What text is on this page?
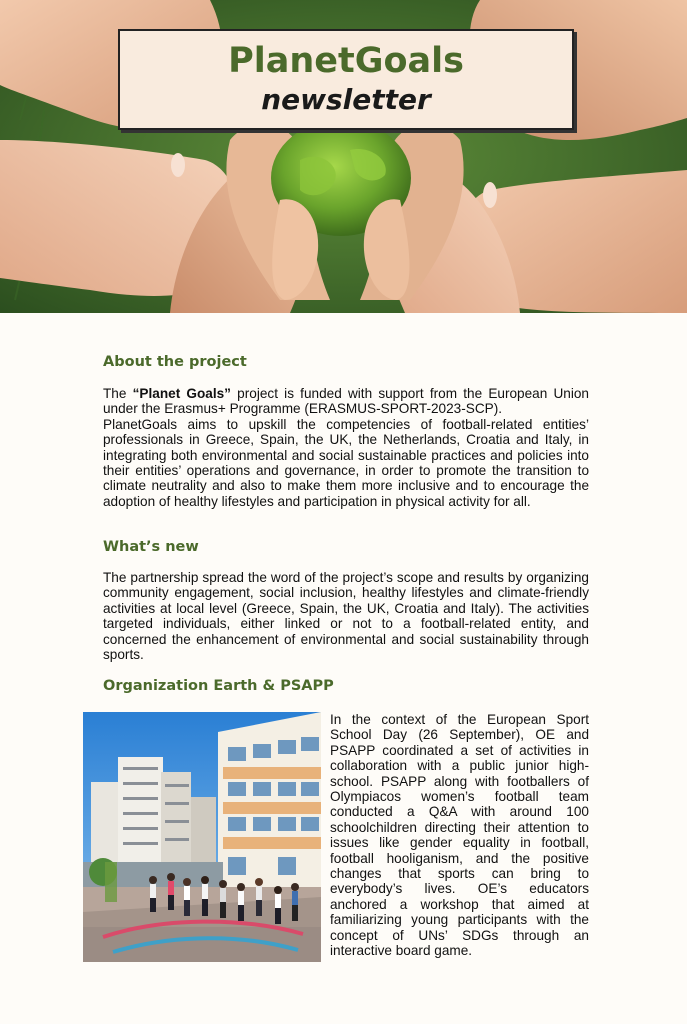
PlanetGoals
newsletter
About the project
The “Planet Goals” project is funded with support from the European Union under the Erasmus+ Programme (ERASMUS-SPORT-2023-SCP).
PlanetGoals aims to upskill the competencies of football-related entities’ professionals in Greece, Spain, the UK, the Netherlands, Croatia and Italy, in integrating both environmental and social sustainable practices and policies into their entities’ operations and governance, in order to promote the transition to climate neutrality and also to make them more inclusive and to encourage the adoption of healthy lifestyles and participation in physical activity for all.
What’s new
The partnership spread the word of the project’s scope and results by organizing community engagement, social inclusion, healthy lifestyles and climate-friendly activities at local level (Greece, Spain, the UK, Croatia and Italy). The activities targeted individuals, either linked or not to a football-related entity, and concerned the enhancement of environmental and social sustainability through sports.
Organization Earth & PSAPP
In the context of the European Sport School Day (26 September), OE and PSAPP coordinated a set of activities in collaboration with a public junior high-school. PSAPP along with footballers of Olympiacos women’s football team conducted a Q&A with around 100 schoolchildren directing their attention to issues like gender equality in football, football hooliganism, and the positive changes that sports can bring to everybody’s lives. OE’s educators anchored a workshop that aimed at familiarizing young participants with the concept of UNs’ SDGs through an interactive board game.
